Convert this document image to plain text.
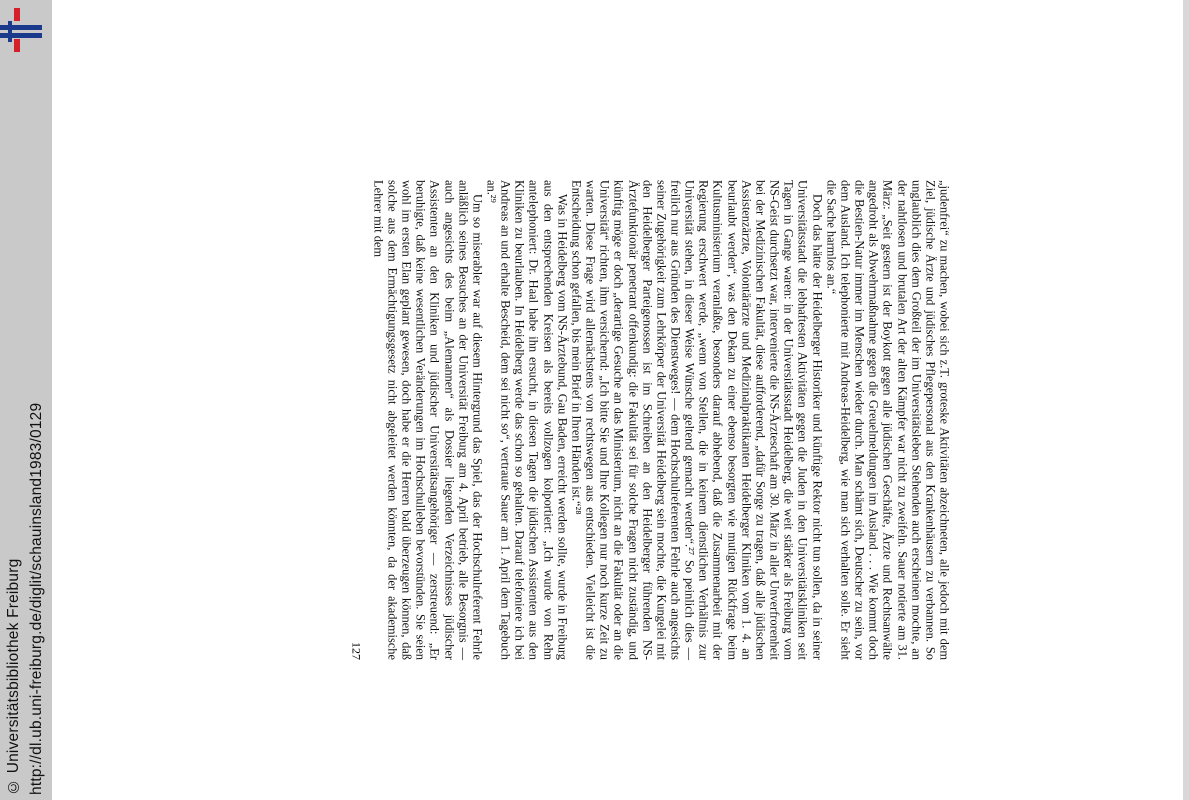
http://dl.ub.uni-freiburg.de/diglit/schauinsland1983/0129
© Universitätsbibliothek Freiburg

„judenfrei“ zu machen, wobei sich z.T. groteske Aktivitäten abzeichneten, alle jedoch mit dem Ziel, jüdische Ärzte und jüdisches Pflegepersonal aus den Krankenhäusern zu verbannen. So unglaublich dies dem Großteil der im Universitätsleben Stehenden auch erscheinen mochte, an der nahtlosen und brutalen Art der alten Kämpfer war nicht zu zweifeln. Sauer notierte am 31. März: „Seit gestern ist der Boykott gegen alle jüdischen Geschäfte, Ärzte und Rechtsanwälte angedroht als Abwehrmaßnahme gegen die Greuelmeldungen im Ausland . . . Wie kommt doch die Bestien-Natur immer im Menschen wieder durch. Man schämt sich, Deutscher zu sein, vor dem Ausland. Ich telephonierte mit Andreas-Heidelberg, wie man sich verhalten solle. Er sieht die Sache harmlos an.“

Doch das hätte der Heidelberger Historiker und künftige Rektor nicht tun sollen, da in seiner Universitätsstadt die lebhaftesten Aktivitäten gegen die Juden in den Universitätskliniken seit Tagen in Gange waren: in der Universitätsstadt Heidelberg, die weit stärker als Freiburg vom NS-Geist durchsetzt war, intervenierte die NS-Ärzteschaft am 30. März in aller Unverfrorenheit bei der Medizinischen Fakultät, diese aufforderend, „dafür Sorge zu tragen, daß alle jüdischen Assistenzärzte, Volontärärzte und Medizinalpraktikanten Heidelberger Kliniken vom 1. 4. an beurlaubt werden“, was den Dekan zu einer ebenso besorgten wie mutigen Rückfrage beim Kultusministerium veranlaßte, besonders darauf abhebend, daß die Zusammenarbeit mit der Regierung erschwert werde, „wenn von Stellen, die in keinem dienstlichen Verhältnis zur Universität stehen, in dieser Weise Wünsche geltend gemacht werden“.²⁷ So peinlich dies — freilich nur aus Gründen des Dienstweges! — dem Hochschulreferenten Fehrle auch angesichts seiner Zugehörigkeit zum Lehrkörper der Universität Heidelberg sein mochte, die Kungelei mit den Heidelberger Parteigenossen ist im Schreiben an den Heidelberger führenden NS-Ärztefunktionär penetrant offenkundig: die Fakultät sei für solche Fragen nicht zuständig, und künftig möge er doch „derartige Gesuche an das Ministerium, nicht an die Fakultät oder an die Universität“ richten, ihm versichernd: „Ich bitte Sie und Ihre Kollegen nur noch kurze Zeit zu warten. Diese Frage wird allernächstens von rechtswegen aus entschieden. Vielleicht ist die Entscheidung schon gefallen, bis mein Brief in Ihren Händen ist.“²⁸

Was in Heidelberg vom NS-Ärztebund, Gau Baden, erreicht werden sollte, wurde in Freiburg aus den entsprechenden Kreisen als bereits vollzogen kolportiert: „Ich wurde von Rehn antelephoniert: Dr. Haal habe ihn ersucht, in diesen Tagen die jüdischen Assistenten aus den Kliniken zu beurlauben. In Heidelberg werde das schon so gehalten. Darauf telefoniere ich bei Andreas an und erhalte Bescheid, dem sei nicht so“, vertraute Sauer am 1. April dem Tagebuch an.²⁹

Um so miserabler war auf diesem Hintergrund das Spiel, das der Hochschulreferent Fehrle anläßlich seines Besuches an der Universität Freiburg am 4. April betrieb, alle Besorgnis — auch angesichts des beim „Alemannen“ als Dossier liegenden Verzeichnisses jüdischer Assistenten an den Kliniken und jüdischer Universitätsangehöriger — zerstreuend: „Er beruhigte, daß keine wesentlichen Veränderungen im Hochschulleben bevorstünden. Sie seien wohl im ersten Elan geplant gewesen, doch habe er die Herren bald überzeugen können, daß solche aus dem Ermächtigungsgesetz nicht abgeleitet werden könnten, da der akademische Lehrer mit dem

127
